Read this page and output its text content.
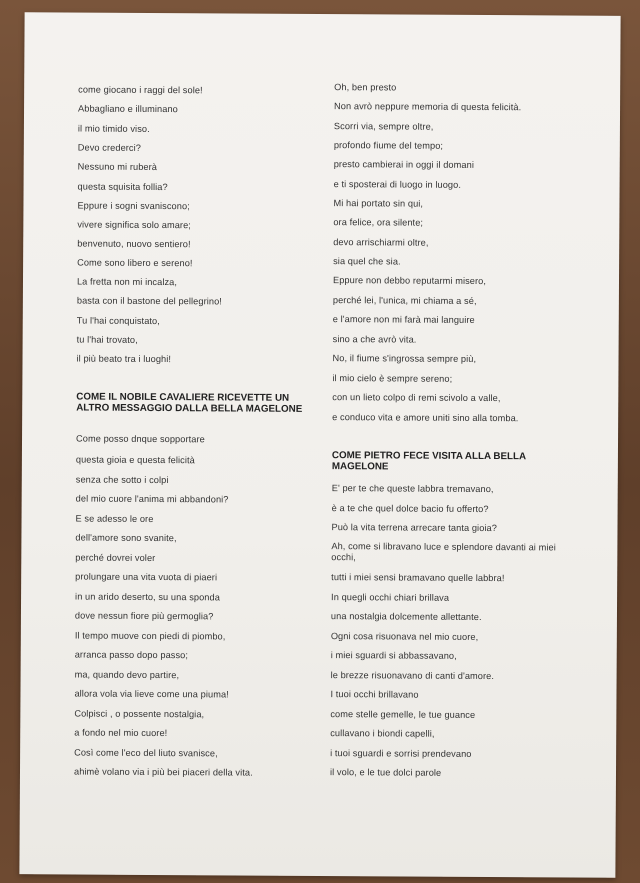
come giocano i raggi del sole!
Abbagliano e illuminano
il mio timido viso.
Devo crederci?
Nessuno mi ruberà
questa squisita follia?
Eppure i sogni svaniscono;
vivere significa solo amare;
benvenuto, nuovo sentiero!
Come sono libero e sereno!
La fretta non mi incalza,
basta con il bastone del pellegrino!
Tu l'hai conquistato,
tu l'hai trovato,
il più beato tra i luoghi!
COME IL NOBILE CAVALIERE RICEVETTE UN ALTRO MESSAGGIO DALLA BELLA MAGELONE
Come posso dnque sopportare
questa gioia e questa felicità
senza che sotto i colpi
del mio cuore l'anima mi abbandoni?
E se adesso le ore
dell'amore sono svanite,
perché dovrei voler
prolungare una vita vuota di piaeri
in un arido deserto, su una sponda
dove nessun fiore più germoglia?
Il tempo muove con piedi di piombo,
arranca passo dopo passo;
ma, quando devo partire,
allora vola via lieve come una piuma!
Colpisci , o possente nostalgia,
a fondo nel mio cuore!
Così come l'eco del liuto svanisce,
ahimè volano via i più bei piaceri della vita.
Oh, ben presto
Non avrò neppure memoria di questa felicità.
Scorri via, sempre oltre,
profondo fiume del tempo;
presto cambierai in oggi il domani
e ti sposterai di luogo in luogo.
Mi hai portato sin qui,
ora felice, ora silente;
devo arrischiarmi oltre,
sia quel che sia.
Eppure non debbo reputarmi misero,
perché lei, l'unica, mi chiama a sé,
e l'amore non mi farà mai languire
sino a che avrò vita.
No, il fiume s'ingrossa sempre più,
il mio cielo è sempre sereno;
con un lieto colpo di remi scivolo a valle,
e conduco vita e amore uniti sino alla tomba.
COME PIETRO FECE VISITA ALLA BELLA MAGELONE
E' per te che queste labbra tremavano,
è a te che quel dolce bacio fu offerto?
Può la vita terrena arrecare tanta gioia?
Ah, come si libravano luce e splendore davanti ai miei occhi,
tutti i miei sensi bramavano quelle labbra!
In quegli occhi chiari brillava
una nostalgia dolcemente allettante.
Ogni cosa risuonava nel mio cuore,
i miei sguardi si abbassavano,
le brezze risuonavano di canti d'amore.
I tuoi occhi brillavano
come stelle gemelle, le tue guance
cullavano i biondi capelli,
i tuoi sguardi e sorrisi prendevano
il volo, e le tue dolci parole
